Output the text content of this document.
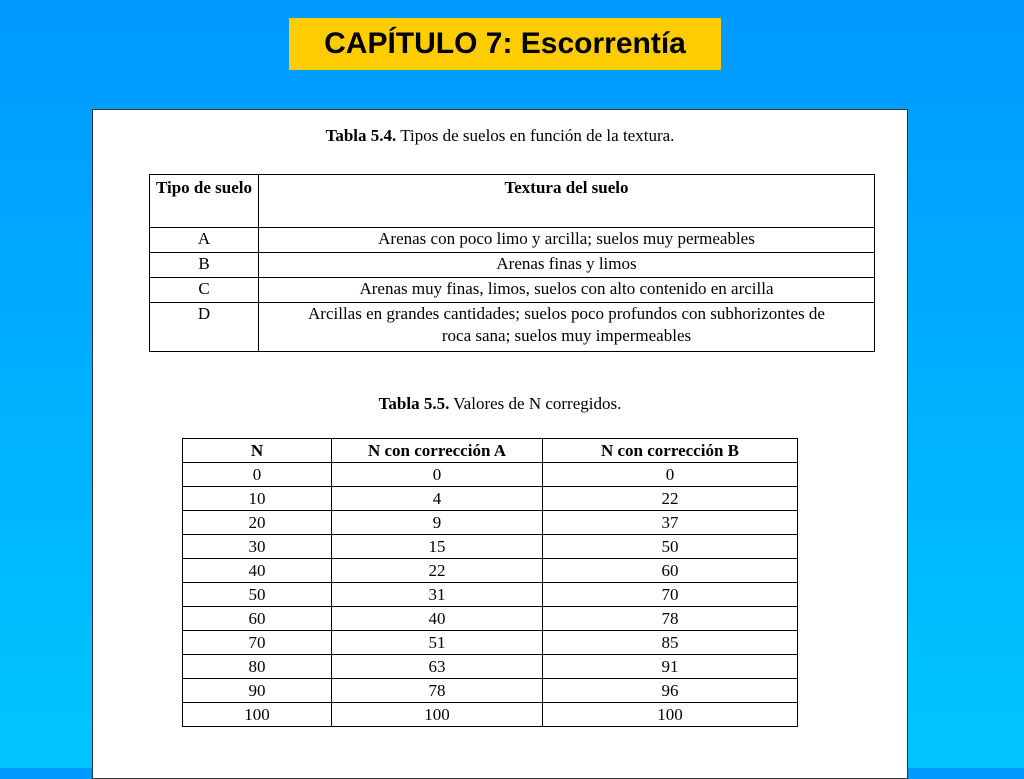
CAPÍTULO 7: Escorrentía
Tabla 5.4. Tipos de suelos en función de la textura.
Tipo de suelo	Textura del suelo
A	Arenas con poco limo y arcilla; suelos muy permeables
B	Arenas finas y limos
C	Arenas muy finas, limos, suelos con alto contenido en arcilla
D	Arcillas en grandes cantidades; suelos poco profundos con subhorizontes de roca sana; suelos muy impermeables
Tabla 5.5. Valores de N corregidos.
N	N con corrección A	N con corrección B
0	0	0
10	4	22
20	9	37
30	15	50
40	22	60
50	31	70
60	40	78
70	51	85
80	63	91
90	78	96
100	100	100
